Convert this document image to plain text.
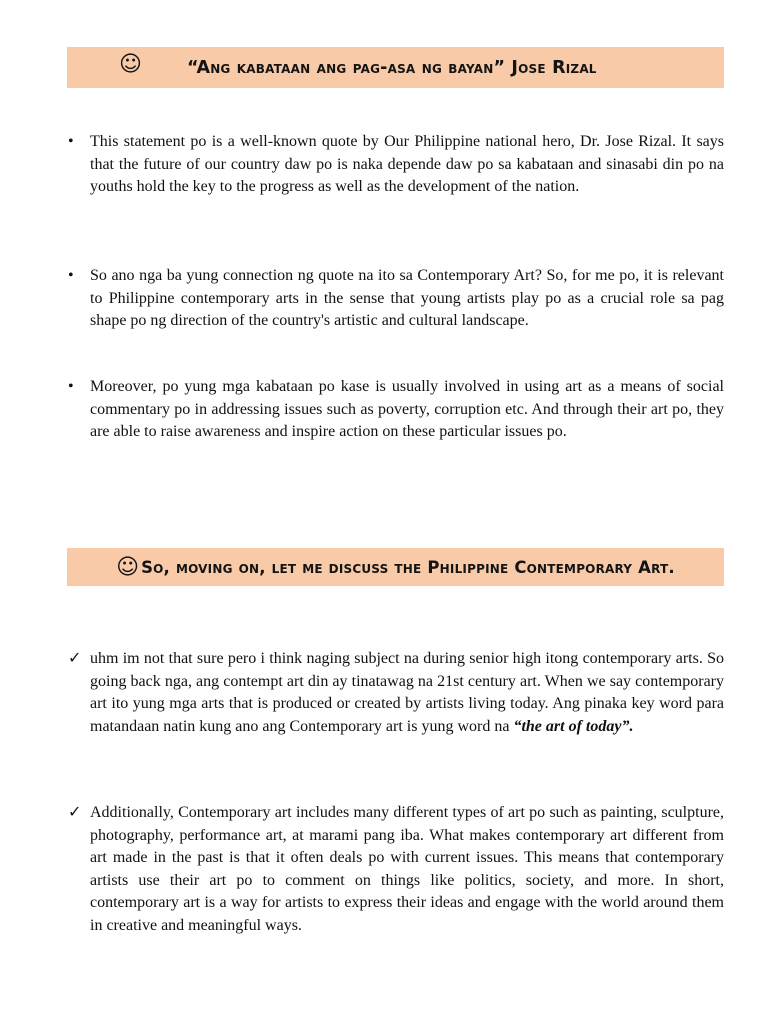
☺	“Ang kabataan ang pag-asa ng bayan” Jose Rizal
•	This statement po is a well-known quote by Our Philippine national hero, Dr. Jose Rizal. It says that the future of our country daw po is naka depende daw po sa kabataan and sinasabi din po na youths hold the key to the progress as well as the development of the nation.
•	So ano nga ba yung connection ng quote na ito sa Contemporary Art? So, for me po, it is relevant to Philippine contemporary arts in the sense that young artists play po as a crucial role sa pag shape po ng direction of the country's artistic and cultural landscape.
•	Moreover, po yung mga kabataan po kase is usually involved in using art as a means of social commentary po in addressing issues such as poverty, corruption etc. And through their art po, they are able to raise awareness and inspire action on these particular issues po.
☺ So, moving on, let me discuss the Philippine Contemporary Art.
✓ uhm im not that sure pero i think naging subject na during senior high itong contemporary arts. So going back nga, ang contempt art din ay tinatawag na 21st century art. When we say contemporary art ito yung mga arts that is produced or created by artists living today. Ang pinaka key word para matandaan natin kung ano ang Contemporary art is yung word na “the art of today”.
✓ Additionally, Contemporary art includes many different types of art po such as painting, sculpture, photography, performance art, at marami pang iba. What makes contemporary art different from art made in the past is that it often deals po with current issues. This means that contemporary artists use their art po to comment on things like politics, society, and more. In short, contemporary art is a way for artists to express their ideas and engage with the world around them in creative and meaningful ways.
